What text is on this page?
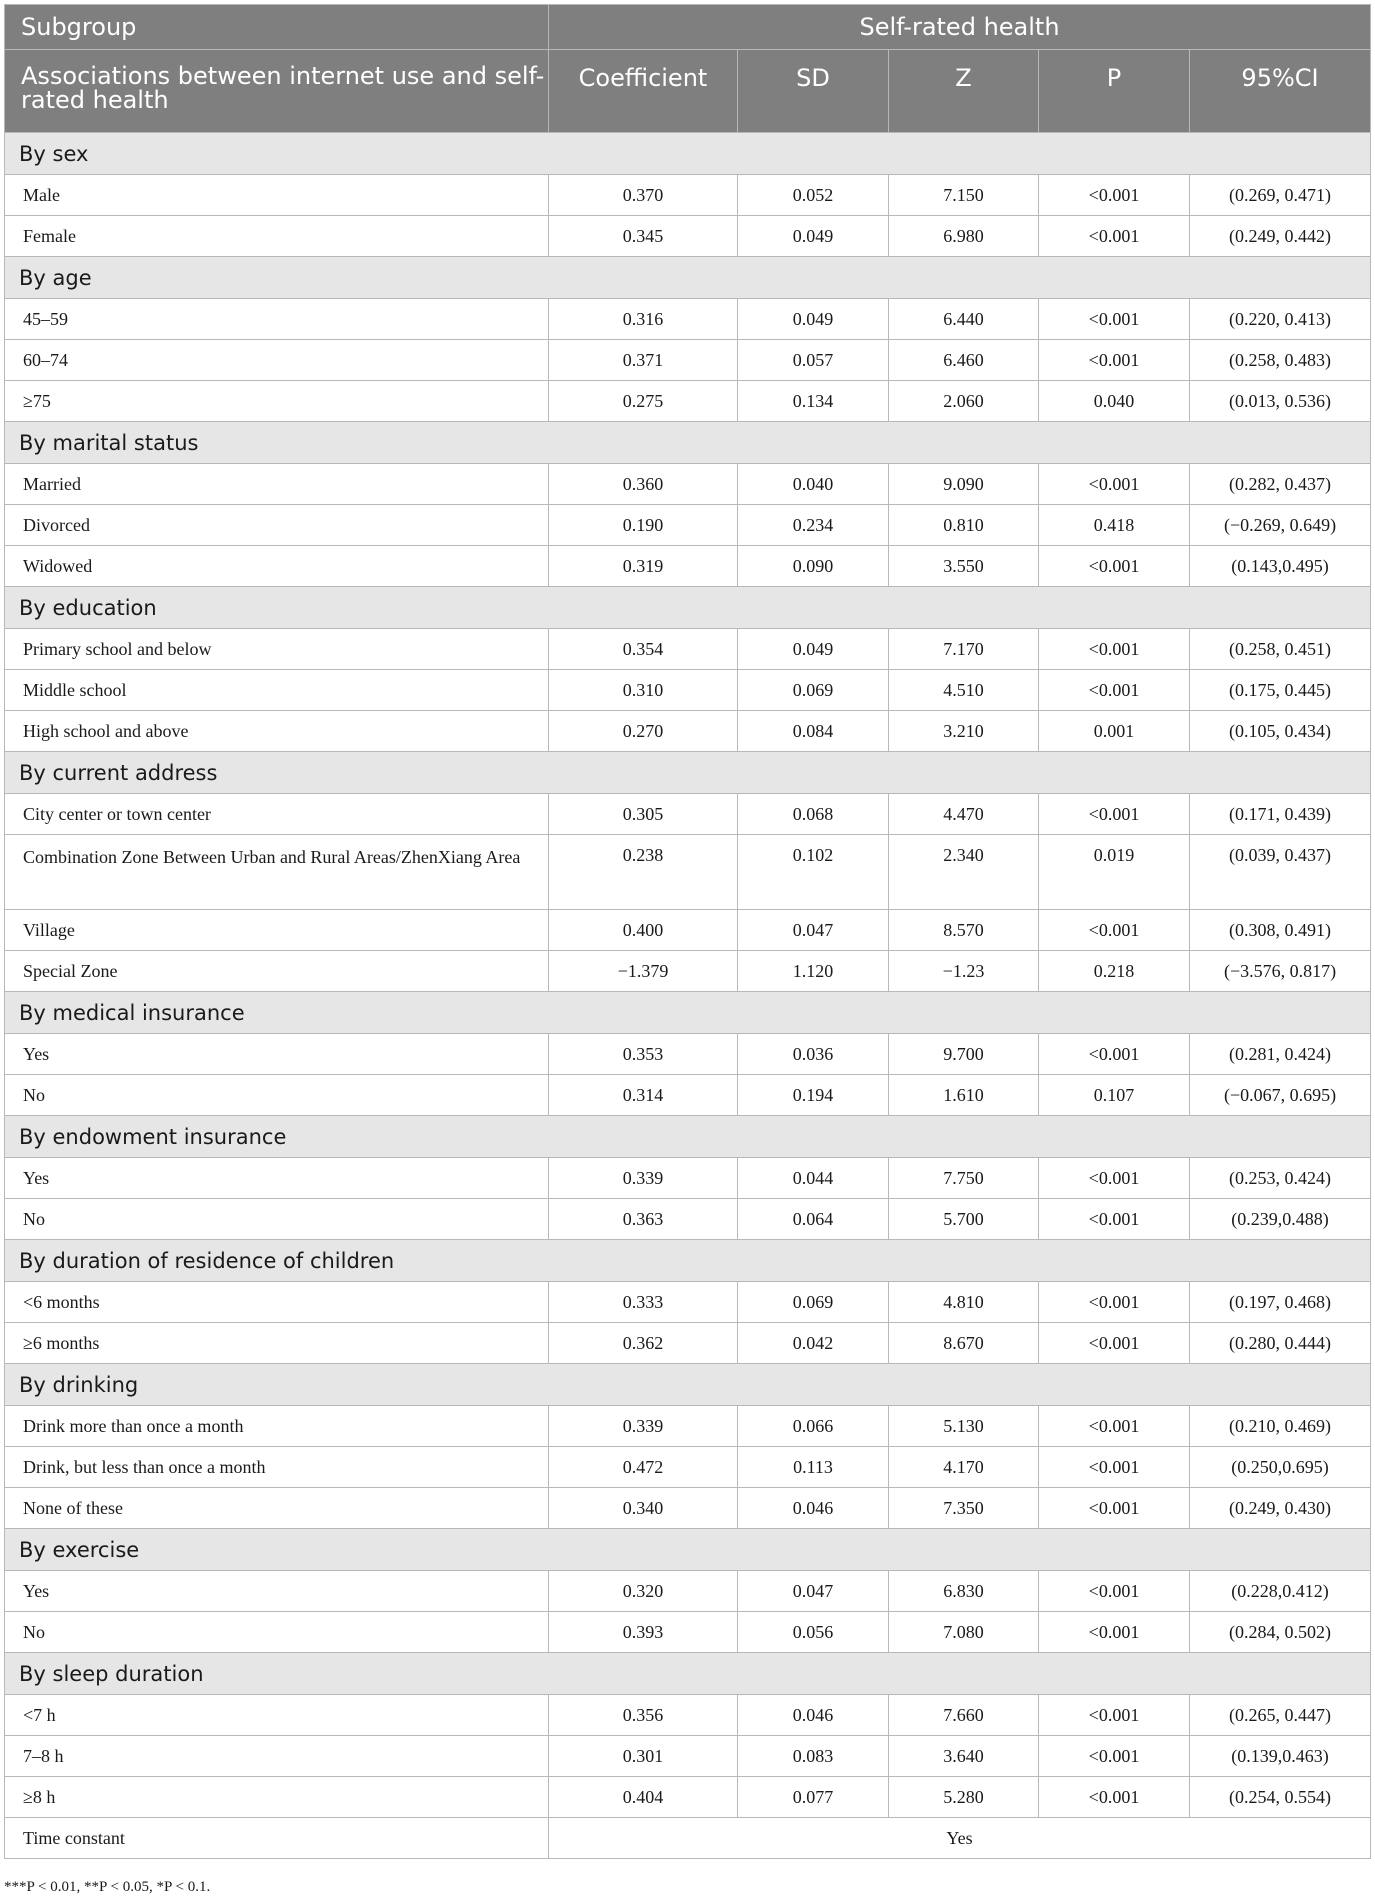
Subgroup	Self-rated health				
Associations between internet use and self-rated health	Coefficient	SD	Z	P	95%CI
By sex					
Male	0.370	0.052	7.150	<0.001	(0.269, 0.471)
Female	0.345	0.049	6.980	<0.001	(0.249, 0.442)
By age					
45–59	0.316	0.049	6.440	<0.001	(0.220, 0.413)
60–74	0.371	0.057	6.460	<0.001	(0.258, 0.483)
≥75	0.275	0.134	2.060	0.040	(0.013, 0.536)
By marital status					
Married	0.360	0.040	9.090	<0.001	(0.282, 0.437)
Divorced	0.190	0.234	0.810	0.418	(−0.269, 0.649)
Widowed	0.319	0.090	3.550	<0.001	(0.143,0.495)
By education					
Primary school and below	0.354	0.049	7.170	<0.001	(0.258, 0.451)
Middle school	0.310	0.069	4.510	<0.001	(0.175, 0.445)
High school and above	0.270	0.084	3.210	0.001	(0.105, 0.434)
By current address					
City center or town center	0.305	0.068	4.470	<0.001	(0.171, 0.439)
Combination Zone Between Urban and Rural Areas/ZhenXiang Area	0.238	0.102	2.340	0.019	(0.039, 0.437)
Village	0.400	0.047	8.570	<0.001	(0.308, 0.491)
Special Zone	−1.379	1.120	−1.23	0.218	(−3.576, 0.817)
By medical insurance					
Yes	0.353	0.036	9.700	<0.001	(0.281, 0.424)
No	0.314	0.194	1.610	0.107	(−0.067, 0.695)
By endowment insurance					
Yes	0.339	0.044	7.750	<0.001	(0.253, 0.424)
No	0.363	0.064	5.700	<0.001	(0.239,0.488)
By duration of residence of children					
<6 months	0.333	0.069	4.810	<0.001	(0.197, 0.468)
≥6 months	0.362	0.042	8.670	<0.001	(0.280, 0.444)
By drinking					
Drink more than once a month	0.339	0.066	5.130	<0.001	(0.210, 0.469)
Drink, but less than once a month	0.472	0.113	4.170	<0.001	(0.250,0.695)
None of these	0.340	0.046	7.350	<0.001	(0.249, 0.430)
By exercise					
Yes	0.320	0.047	6.830	<0.001	(0.228,0.412)
No	0.393	0.056	7.080	<0.001	(0.284, 0.502)
By sleep duration					
<7 h	0.356	0.046	7.660	<0.001	(0.265, 0.447)
7–8 h	0.301	0.083	3.640	<0.001	(0.139,0.463)
≥8 h	0.404	0.077	5.280	<0.001	(0.254, 0.554)
Time constant	Yes				
***P < 0.01, **P < 0.05, *P < 0.1.
